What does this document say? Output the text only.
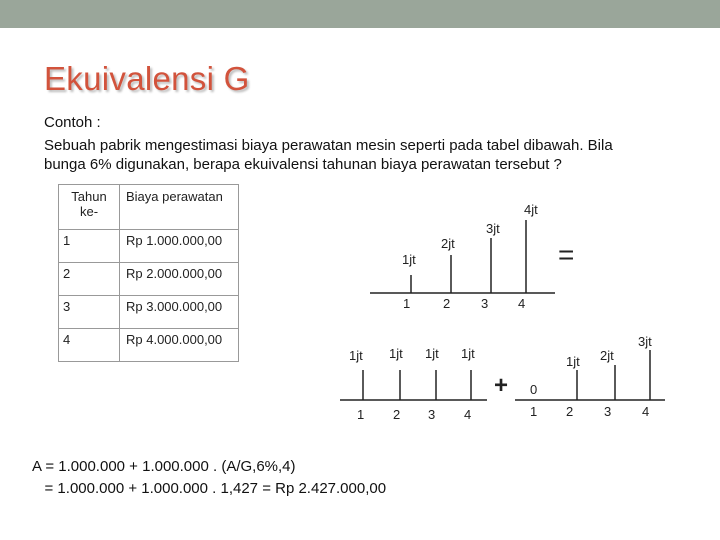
Ekuivalensi G
Contoh :
Sebuah pabrik mengestimasi biaya perawatan mesin seperti pada tabel dibawah. Bila
bunga 6% digunakan, berapa ekuivalensi tahunan biaya perawatan tersebut ?
Tahun
ke-	Biaya perawatan
1	Rp 1.000.000,00
2	Rp 2.000.000,00
3	Rp 3.000.000,00
4	Rp 4.000.000,00
1jt
2jt
3jt
4jt
1	2 3 4
=
1jt 1jt 1jt 1jt
1 2 3 4
+ 0
1jt 2jt
3jt
1 2 3 4
A = 1.000.000 + 1.000.000 . (A/G,6%,4)
= 1.000.000 + 1.000.000 . 1,427 = Rp 2.427.000,00
